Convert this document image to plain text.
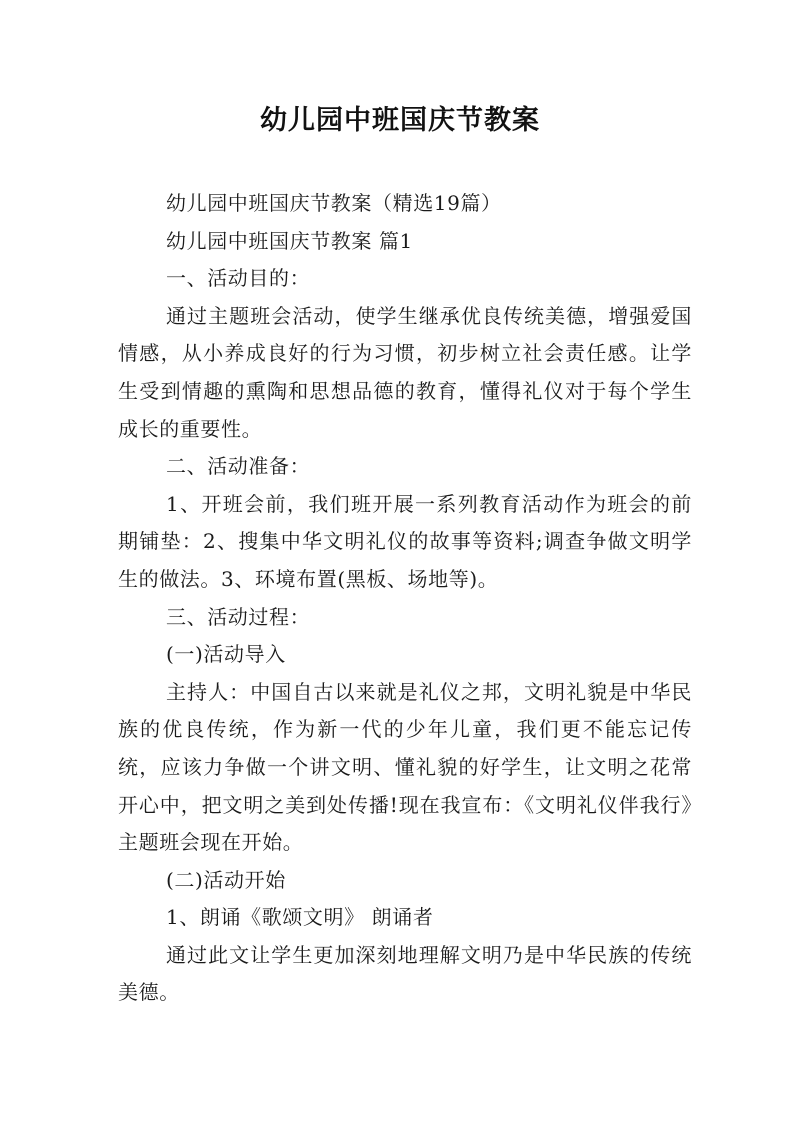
幼儿园中班国庆节教案

幼儿园中班国庆节教案（精选19篇）

幼儿园中班国庆节教案 篇1

一、活动目的：

通过主题班会活动，使学生继承优良传统美德，增强爱国情感，从小养成良好的行为习惯，初步树立社会责任感。让学生受到情趣的熏陶和思想品德的教育，懂得礼仪对于每个学生成长的重要性。

二、活动准备：

1、开班会前，我们班开展一系列教育活动作为班会的前期铺垫：2、搜集中华文明礼仪的故事等资料;调查争做文明学生的做法。3、环境布置(黑板、场地等)。

三、活动过程：

(一)活动导入

主持人：中国自古以来就是礼仪之邦，文明礼貌是中华民族的优良传统，作为新一代的少年儿童，我们更不能忘记传统，应该力争做一个讲文明、懂礼貌的好学生，让文明之花常开心中，把文明之美到处传播!现在我宣布：《文明礼仪伴我行》主题班会现在开始。

(二)活动开始

1、朗诵《歌颂文明》 朗诵者

通过此文让学生更加深刻地理解文明乃是中华民族的传统美德。
